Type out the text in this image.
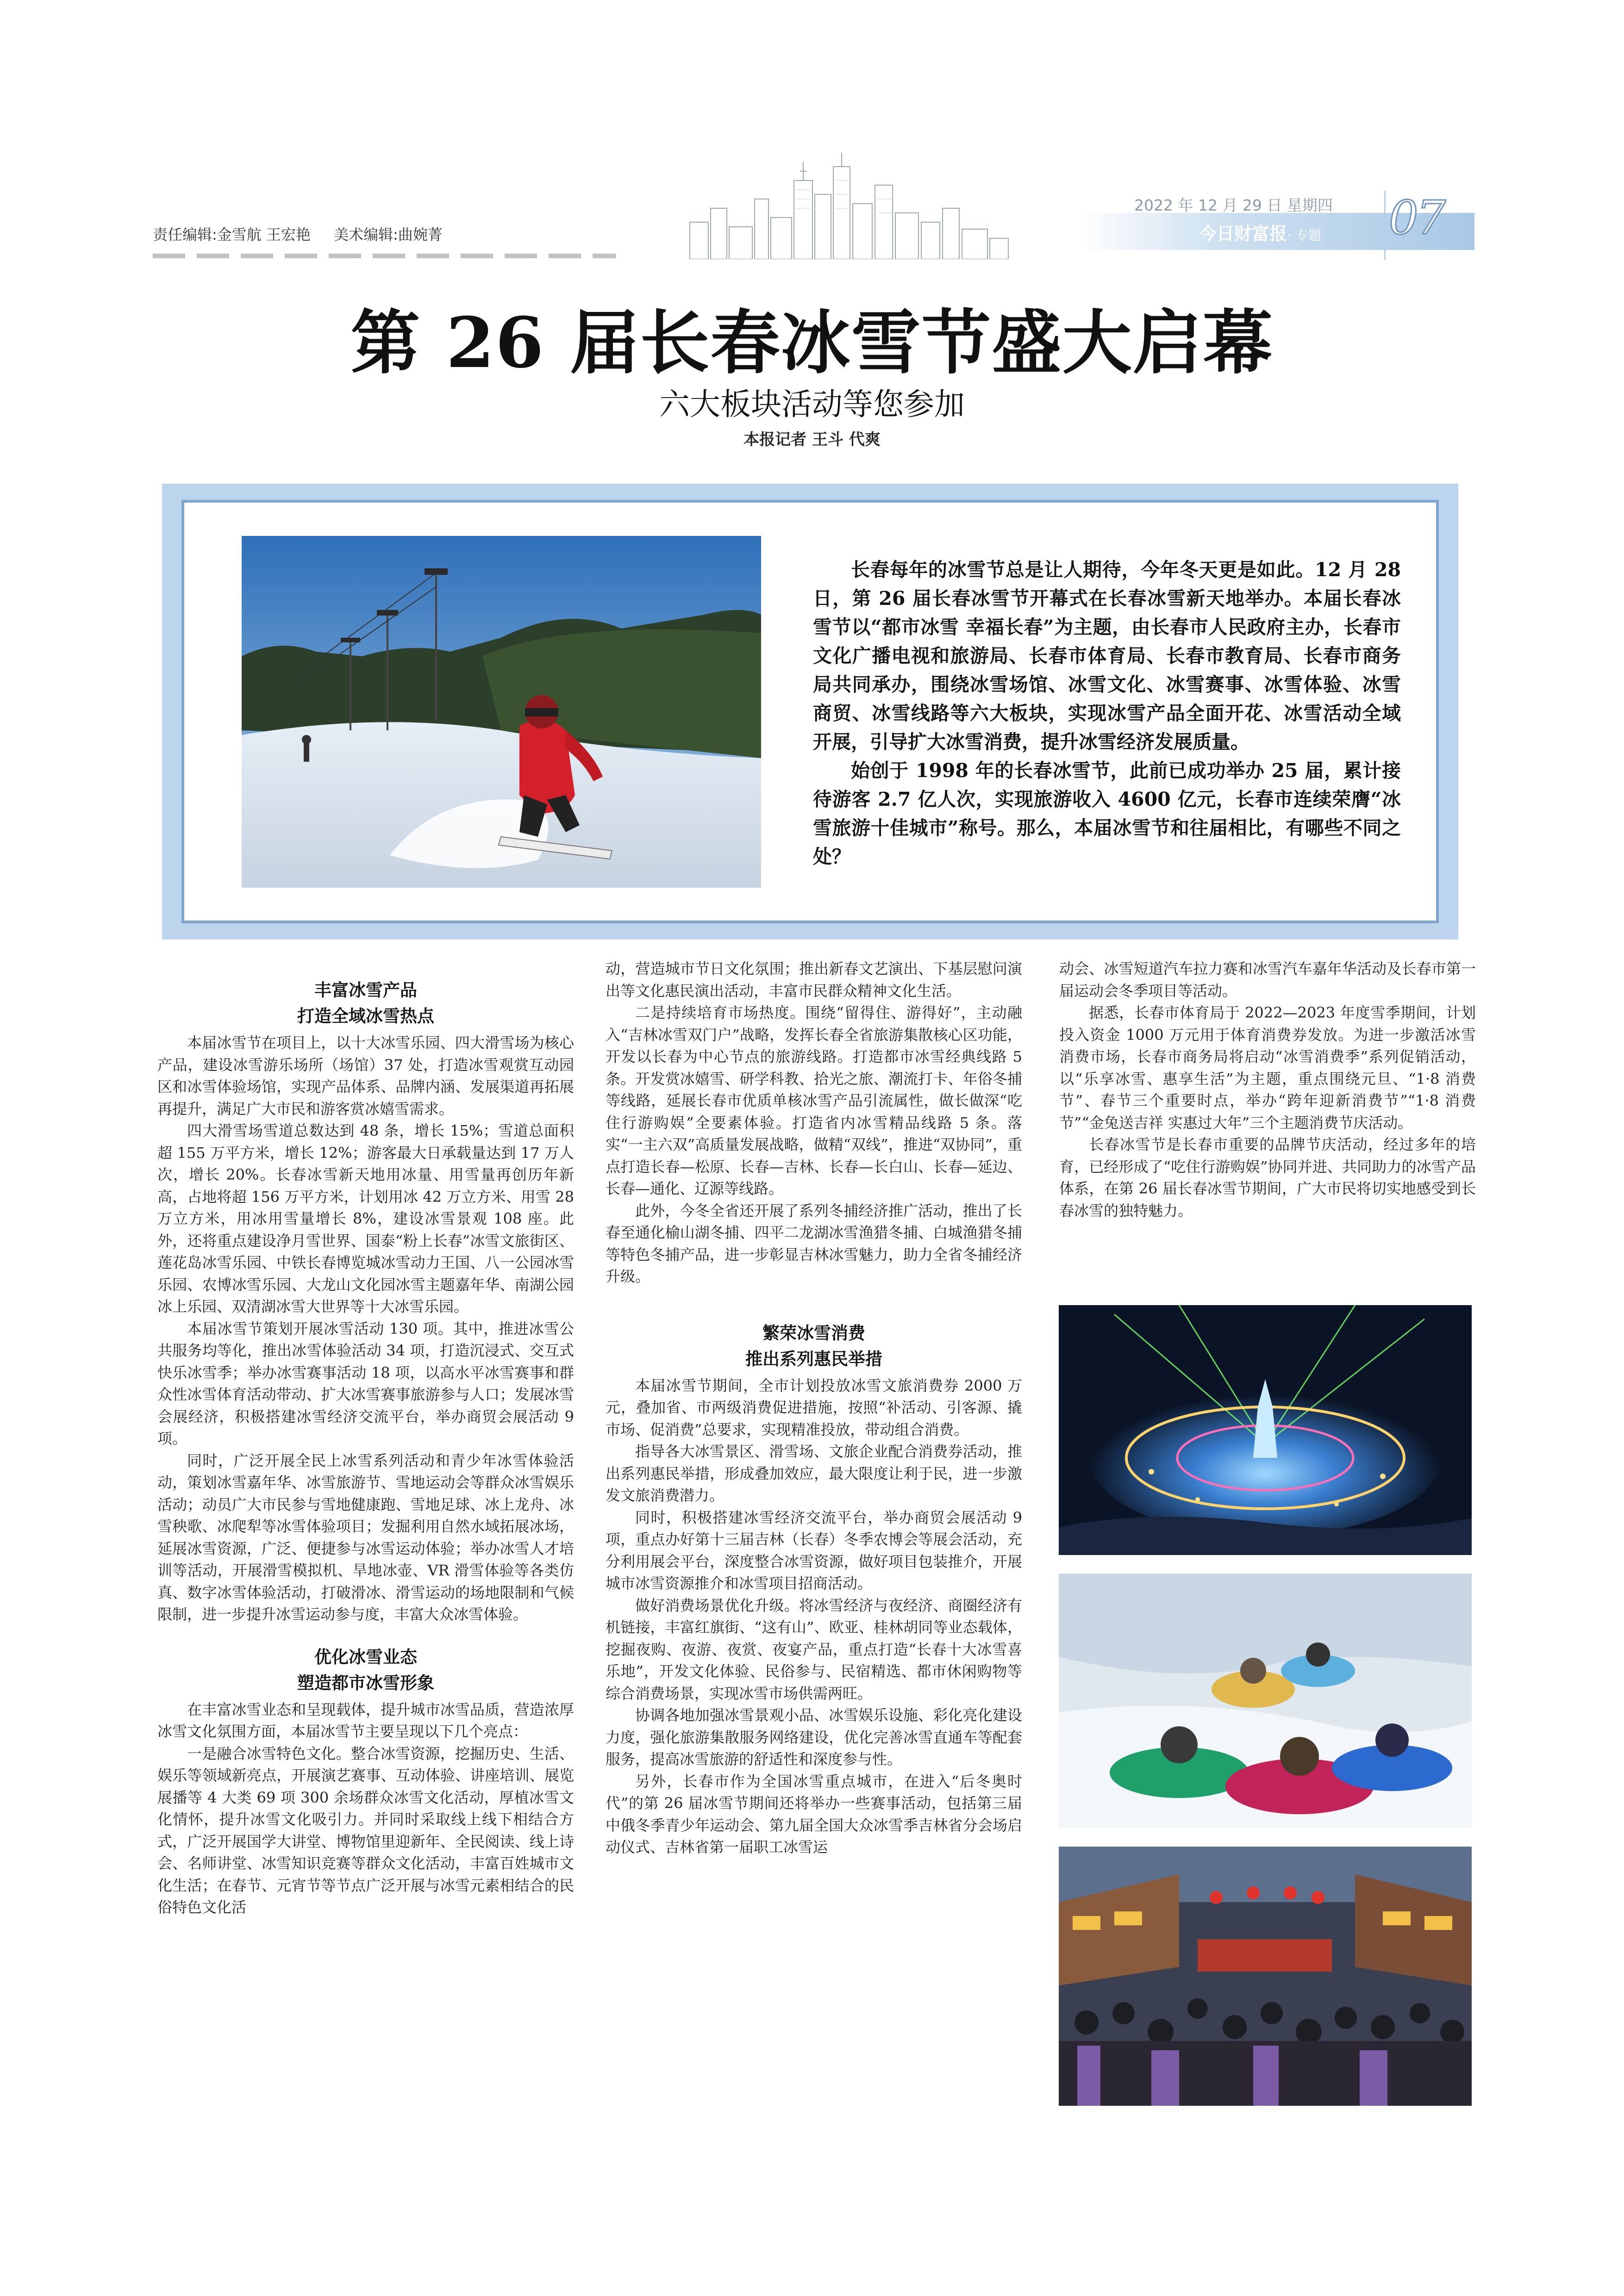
责任编辑:金雪航 王宏艳 美术编辑:曲婉菁
2022 年 12 月 29 日 星期四
今日财富报· 专题 07
第 26 届长春冰雪节盛大启幕
六大板块活动等您参加
本报记者 王斗 代爽

长春每年的冰雪节总是让人期待，今年冬天更是如此。12 月 28 日，第 26 届长春冰雪节开幕式在长春冰雪新天地举办。本届长春冰雪节以“都市冰雪 幸福长春”为主题，由长春市人民政府主办，长春市文化广播电视和旅游局、长春市体育局、长春市教育局、长春市商务局共同承办，围绕冰雪场馆、冰雪文化、冰雪赛事、冰雪体验、冰雪商贸、冰雪线路等六大板块，实现冰雪产品全面开花、冰雪活动全域开展，引导扩大冰雪消费，提升冰雪经济发展质量。

始创于 1998 年的长春冰雪节，此前已成功举办 25 届，累计接待游客 2.7 亿人次，实现旅游收入 4600 亿元，长春市连续荣膺“冰雪旅游十佳城市”称号。那么，本届冰雪节和往届相比，有哪些不同之处？

丰富冰雪产品
打造全域冰雪热点

本届冰雪节在项目上，以十大冰雪乐园、四大滑雪场为核心产品，建设冰雪游乐场所（场馆）37 处，打造冰雪观赏互动园区和冰雪体验场馆，实现产品体系、品牌内涵、发展渠道再拓展再提升，满足广大市民和游客赏冰嬉雪需求。

四大滑雪场雪道总数达到 48 条，增长 15%；雪道总面积超 155 万平方米，增长 12%；游客最大日承载量达到 17 万人次，增长 20%。长春冰雪新天地用冰量、用雪量再创历年新高，占地将超 156 万平方米，计划用冰 42 万立方米、用雪 28 万立方米，用冰用雪量增长 8%，建设冰雪景观 108 座。此外，还将重点建设净月雪世界、国泰“粉上长春”冰雪文旅街区、莲花岛冰雪乐园、中铁长春博览城冰雪动力王国、八一公园冰雪乐园、农博冰雪乐园、大龙山文化园冰雪主题嘉年华、南湖公园冰上乐园、双清湖冰雪大世界等十大冰雪乐园。

本届冰雪节策划开展冰雪活动 130 项。其中，推进冰雪公共服务均等化，推出冰雪体验活动 34 项，打造沉浸式、交互式快乐冰雪季；举办冰雪赛事活动 18 项，以高水平冰雪赛事和群众性冰雪体育活动带动、扩大冰雪赛事旅游参与人口；发展冰雪会展经济，积极搭建冰雪经济交流平台，举办商贸会展活动 9 项。

同时，广泛开展全民上冰雪系列活动和青少年冰雪体验活动，策划冰雪嘉年华、冰雪旅游节、雪地运动会等群众冰雪娱乐活动；动员广大市民参与雪地健康跑、雪地足球、冰上龙舟、冰雪秧歌、冰爬犁等冰雪体验项目；发掘利用自然水域拓展冰场，延展冰雪资源，广泛、便捷参与冰雪运动体验；举办冰雪人才培训等活动，开展滑雪模拟机、旱地冰壶、VR 滑雪体验等各类仿真、数字冰雪体验活动，打破滑冰、滑雪运动的场地限制和气候限制，进一步提升冰雪运动参与度，丰富大众冰雪体验。

优化冰雪业态
塑造都市冰雪形象

在丰富冰雪业态和呈现载体，提升城市冰雪品质，营造浓厚冰雪文化氛围方面，本届冰雪节主要呈现以下几个亮点：

一是融合冰雪特色文化。整合冰雪资源，挖掘历史、生活、娱乐等领域新亮点，开展演艺赛事、互动体验、讲座培训、展览展播等 4 大类 69 项 300 余场群众冰雪文化活动，厚植冰雪文化情怀，提升冰雪文化吸引力。并同时采取线上线下相结合方式，广泛开展国学大讲堂、博物馆里迎新年、全民阅读、线上诗会、名师讲堂、冰雪知识竞赛等群众文化活动，丰富百姓城市文化生活；在春节、元宵节等节点广泛开展与冰雪元素相结合的民俗特色文化活

动，营造城市节日文化氛围；推出新春文艺演出、下基层慰问演出等文化惠民演出活动，丰富市民群众精神文化生活。

二是持续培育市场热度。围绕“留得住、游得好”，主动融入“吉林冰雪双门户”战略，发挥长春全省旅游集散核心区功能，开发以长春为中心节点的旅游线路。打造都市冰雪经典线路 5 条。开发赏冰嬉雪、研学科教、拾光之旅、潮流打卡、年俗冬捕等线路，延展长春市优质单核冰雪产品引流属性，做长做深“吃住行游购娱”全要素体验。打造省内冰雪精品线路 5 条。落实“一主六双”高质量发展战略，做精“双线”，推进“双协同”，重点打造长春—松原、长春—吉林、长春—长白山、长春—延边、长春—通化、辽源等线路。

此外，今冬全省还开展了系列冬捕经济推广活动，推出了长春至通化榆山湖冬捕、四平二龙湖冰雪渔猎冬捕、白城渔猎冬捕等特色冬捕产品，进一步彰显吉林冰雪魅力，助力全省冬捕经济升级。

繁荣冰雪消费
推出系列惠民举措

本届冰雪节期间，全市计划投放冰雪文旅消费券 2000 万元，叠加省、市两级消费促进措施，按照“补活动、引客源、撬市场、促消费”总要求，实现精准投放，带动组合消费。

指导各大冰雪景区、滑雪场、文旅企业配合消费券活动，推出系列惠民举措，形成叠加效应，最大限度让利于民，进一步激发文旅消费潜力。

同时，积极搭建冰雪经济交流平台，举办商贸会展活动 9 项，重点办好第十三届吉林（长春）冬季农博会等展会活动，充分利用展会平台，深度整合冰雪资源，做好项目包装推介，开展城市冰雪资源推介和冰雪项目招商活动。

做好消费场景优化升级。将冰雪经济与夜经济、商圈经济有机链接，丰富红旗街、“这有山”、欧亚、桂林胡同等业态载体，挖掘夜购、夜游、夜赏、夜宴产品，重点打造“长春十大冰雪喜乐地”，开发文化体验、民俗参与、民宿精选、都市休闲购物等综合消费场景，实现冰雪市场供需两旺。

协调各地加强冰雪景观小品、冰雪娱乐设施、彩化亮化建设力度，强化旅游集散服务网络建设，优化完善冰雪直通车等配套服务，提高冰雪旅游的舒适性和深度参与性。

另外，长春市作为全国冰雪重点城市，在进入“后冬奥时代”的第 26 届冰雪节期间还将举办一些赛事活动，包括第三届中俄冬季青少年运动会、第九届全国大众冰雪季吉林省分会场启动仪式、吉林省第一届职工冰雪运

动会、冰雪短道汽车拉力赛和冰雪汽车嘉年华活动及长春市第一届运动会冬季项目等活动。

据悉，长春市体育局于 2022—2023 年度雪季期间，计划投入资金 1000 万元用于体育消费券发放。为进一步激活冰雪消费市场，长春市商务局将启动“冰雪消费季”系列促销活动，以“乐享冰雪、惠享生活”为主题，重点围绕元旦、“1·8 消费节”、春节三个重要时点，举办“跨年迎新消费节”“1·8 消费节”“金兔送吉祥 实惠过大年”三个主题消费节庆活动。

长春冰雪节是长春市重要的品牌节庆活动，经过多年的培育，已经形成了“吃住行游购娱”协同并进、共同助力的冰雪产品体系，在第 26 届长春冰雪节期间，广大市民将切实地感受到长春冰雪的独特魅力。
